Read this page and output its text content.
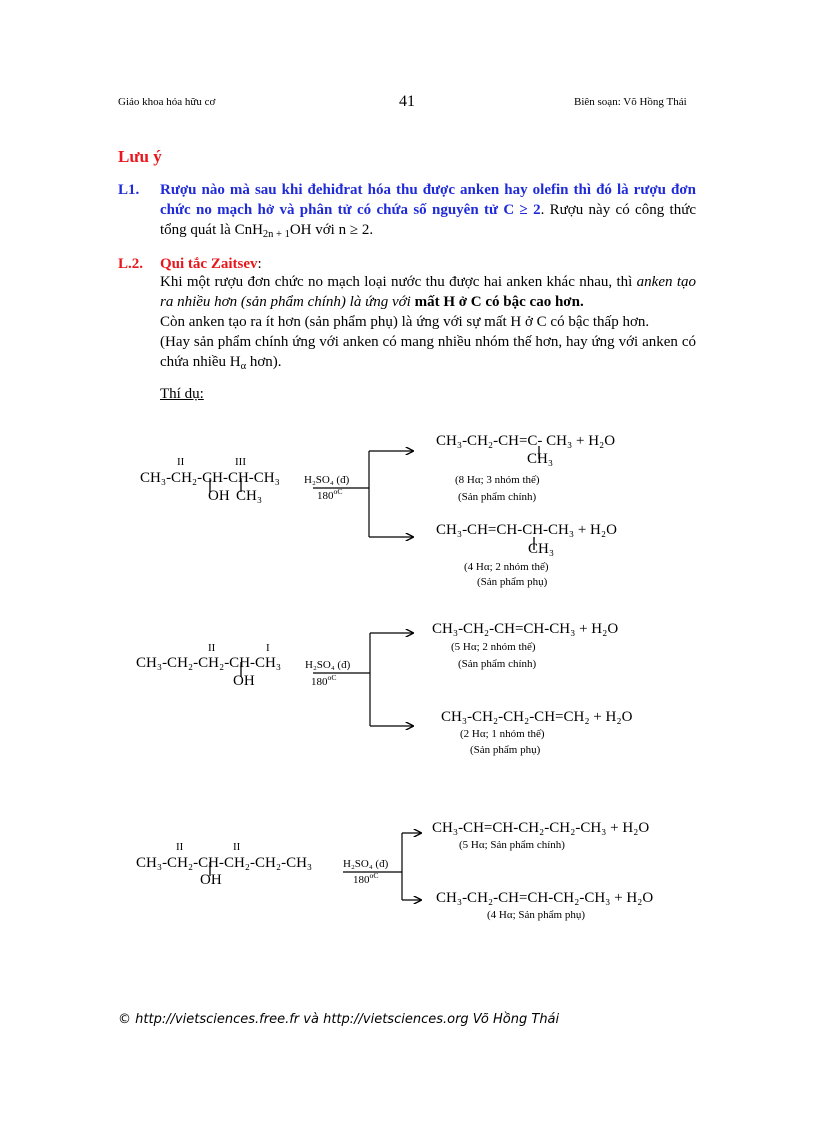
Giáo khoa hóa hữu cơ	41	Biên soạn: Võ Hồng Thái
Lưu ý
L1. Rượu nào mà sau khi đehiđrat hóa thu được anken hay olefin thì đó là rượu đơn chức no mạch hở và phân tử có chứa số nguyên tử C ≥ 2. Rượu này có công thức tổng quát là CnH$_{2n + 1}$OH với n ≥ 2.
L.2. Qui tắc Zaitsev:
Khi một rượu đơn chức no mạch loại nước thu được hai anken khác nhau, thì anken tạo ra nhiều hơn (sản phẩm chính) là ứng với mất H ở C có bậc cao hơn.
Còn anken tạo ra ít hơn (sản phẩm phụ) là ứng với sự mất H ở C có bậc thấp hơn.
(Hay sản phẩm chính ứng với anken có mang nhiều nhóm thế hơn, hay ứng với anken có chứa nhiều $H_\alpha$ hơn).
Thí dụ:
II	III
CH₃-CH₂-CH-CH-CH₃
OH CH₃
H₂SO₄ (đ)
$180^{oC}$
CH₃-CH₂-CH=C- CH₃ + H₂O
CH₃
(8 Hα; 3 nhóm thế)
(Sản phẩm chính)
CH₃-CH=CH-CH-CH₃ + H₂O
CH₃
(4 Hα; 2 nhóm thế)
(Sản phẩm phụ)
II	I
CH₃-CH₂-CH₂-CH-CH₃
OH
H₂SO₄ (đ)
$180^{oC}$
CH₃-CH₂-CH=CH-CH₃ + H₂O
(5 Hα; 2 nhóm thế)
(Sản phẩm chính)
CH₃-CH₂-CH₂-CH=CH₂ + H₂O
(2 Hα; 1 nhóm thế)
(Sản phẩm phụ)
II	II
CH₃-CH₂-CH-CH₂-CH₂-CH₃
OH
H₂SO₄ (đ)
$180^{oC}$
CH₃-CH=CH-CH₂-CH₂-CH₃ + H₂O
(5 Hα; Sản phẩm chính)
CH₃-CH₂-CH=CH-CH₂-CH₃ + H₂O
(4 Hα; Sản phẩm phụ)
© http://vietsciences.free.fr và http://vietsciences.org Võ Hồng Thái
